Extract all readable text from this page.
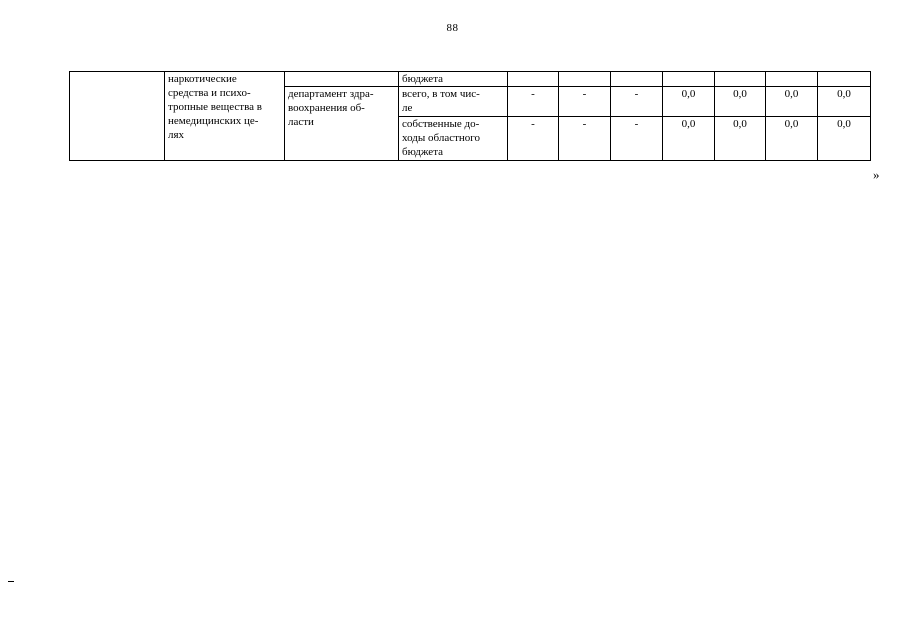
88
	наркотические
средства и психо-
тропные вещества в
немедицинских це-
лях		бюджета							
		департамент здра-
воохранения об-
ласти	всего, в том чис-
ле	-	-	-	0,0	0,0	0,0	0,0
			собственные до-
ходы областного
бюджета	-	-	-	0,0	0,0	0,0	0,0
»
